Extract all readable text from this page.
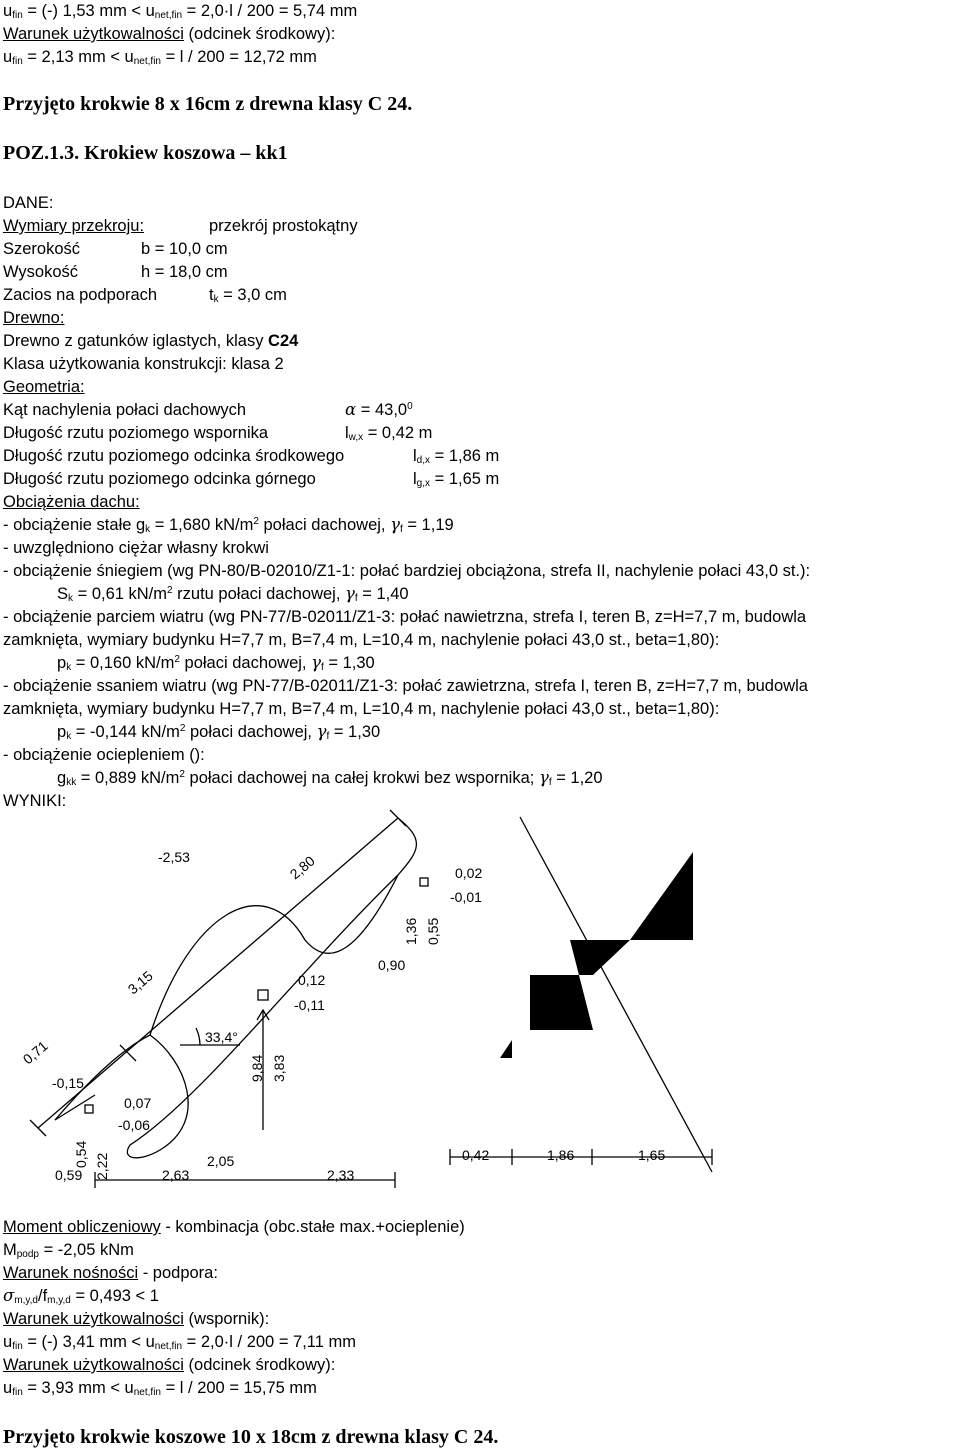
$u_{fin}$ = (-) 1,53 mm < $u_{net,fin} = 2,0\cdot l / 200 = 5,74$ mm
Warunek użytkowalności (odcinek środkowy):
$u_{fin} = 2,13$ mm < $u_{net,fin} = l / 200 = 12,72$ mm
Przyjęto krokwie 8 x 16cm z drewna klasy C 24.
POZ.1.3. Krokiew koszowa – kk1
DANE:
Wymiary przekroju:	przekrój prostokątny
Szerokość	b = 10,0 cm
Wysokość	h = 18,0 cm
Zacios na podporach	$t_k = 3,0$ cm
Drewno:
Drewno z gatunków iglastych, klasy C24
Klasa użytkowania konstrukcji: klasa 2
Geometria:
Kąt nachylenia połaci dachowych	$\alpha = 43,0^0$
Długość rzutu poziomego wspornika	$l_{w,x} = 0,42$ m
Długość rzutu poziomego odcinka środkowego	$l_{d,x} = 1,86$ m
Długość rzutu poziomego odcinka górnego	$l_{g,x} = 1,65$ m
Obciążenia dachu:
- obciążenie stałe $g_k = 1,680$ $kN/m^2$ połaci dachowej, $\gamma_f = 1,19$
- uwzględniono ciężar własny krokwi
- obciążenie śniegiem (wg PN-80/B-02010/Z1-1: połać bardziej obciążona, strefa II, nachylenie połaci 43,0 st.):
$S_k = 0,61$ $kN/m^2$ rzutu połaci dachowej, $\gamma_f = 1,40$
- obciążenie parciem wiatru (wg PN-77/B-02011/Z1-3: połać nawietrzna, strefa I, teren B, z=H=7,7 m, budowla
zamknięta, wymiary budynku H=7,7 m, B=7,4 m, L=10,4 m, nachylenie połaci 43,0 st., beta=1,80):
$p_k = 0,160$ $kN/m^2$ połaci dachowej, $\gamma_f = 1,30$
- obciążenie ssaniem wiatru (wg PN-77/B-02011/Z1-3: połać zawietrzna, strefa I, teren B, z=H=7,7 m, budowla
zamknięta, wymiary budynku H=7,7 m, B=7,4 m, L=10,4 m, nachylenie połaci 43,0 st., beta=1,80):
$p_k = -0,144$ $kN/m^2$ połaci dachowej, $\gamma_f = 1,30$
- obciążenie ociepleniem ():
$g_{kk} = 0,889$ $kN/m^2$ połaci dachowej na całej krokwi bez wspornika; $\gamma_f = 1,20$
WYNIKI:
-2,53	2,80
3,15
0,71
-0,15
0,07
-0,06
0,59
0,54 2,22	2,63
2,05
2,33
0,12
-0,11
0,90
33,4°
9,84 3,83
1,36 0,55
0,02
-0,01
0,42	1,86	1,65
Moment obliczeniowy - kombinacja (obc.stałe max.+ocieplenie)
$M_{podp} = -2,05$ kNm
Warunek nośności - podpora:
$\sigma_{m,y,d}/f_{m,y,d} = 0,493 < 1$
Warunek użytkowalności (wspornik):
$u_{fin}$ = (-) 3,41 mm < $u_{net,fin} = 2,0\cdot l / 200 = 7,11$ mm
Warunek użytkowalności (odcinek środkowy):
$u_{fin} = 3,93$ mm < $u_{net,fin} = l / 200 = 15,75$ mm
Przyjęto krokwie koszowe 10 x 18cm z drewna klasy C 24.
